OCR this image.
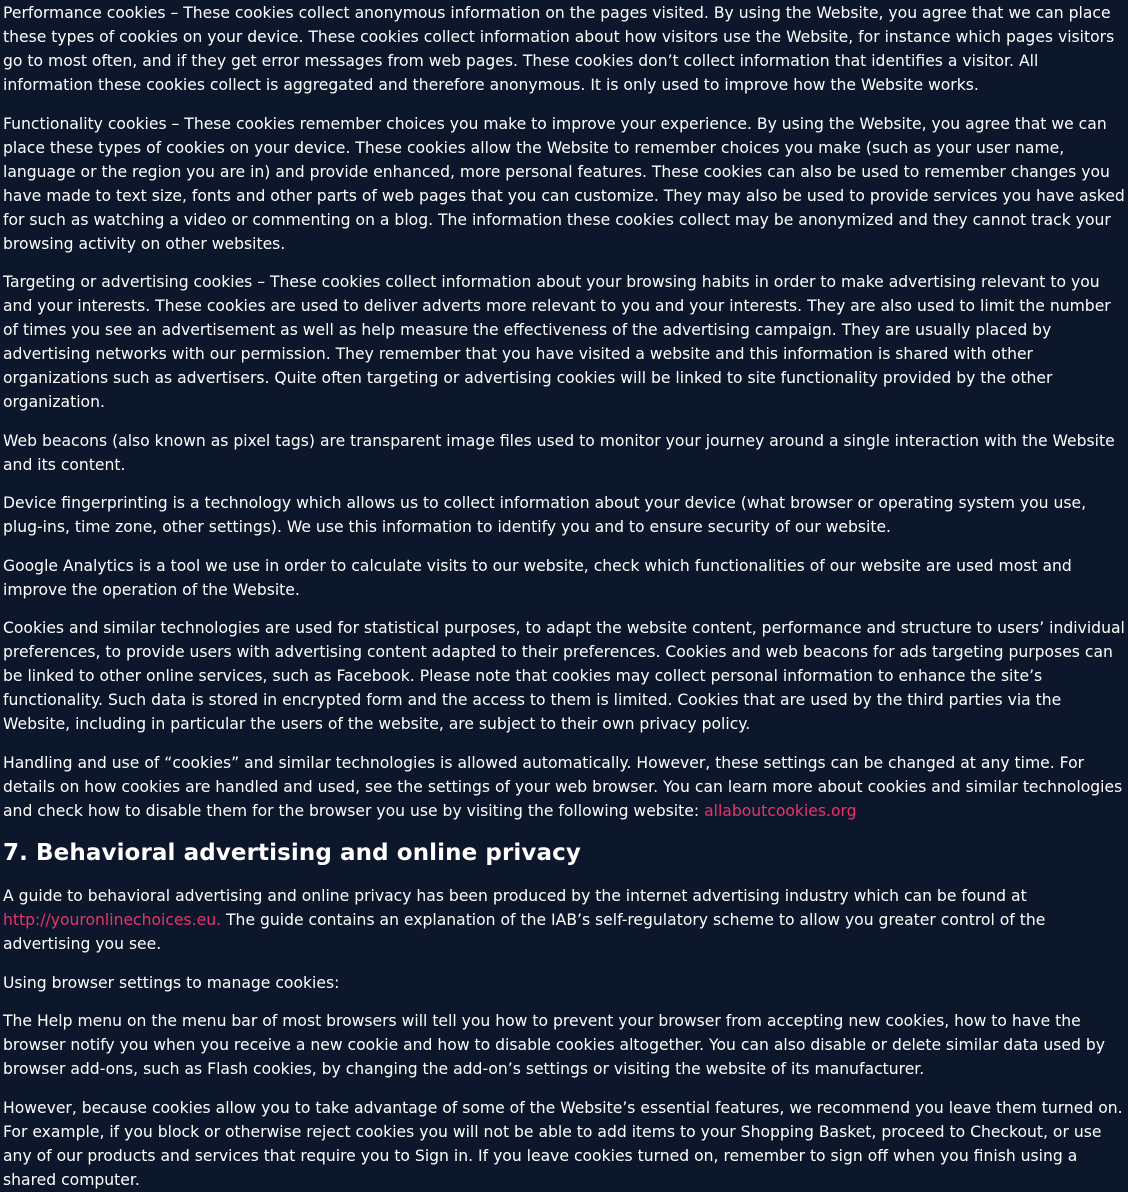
Performance cookies – These cookies collect anonymous information on the pages visited. By using the Website, you agree that we can place these types of cookies on your device. These cookies collect information about how visitors use the Website, for instance which pages visitors go to most often, and if they get error messages from web pages. These cookies don’t collect information that identifies a visitor. All information these cookies collect is aggregated and therefore anonymous. It is only used to improve how the Website works.

Functionality cookies – These cookies remember choices you make to improve your experience. By using the Website, you agree that we can place these types of cookies on your device. These cookies allow the Website to remember choices you make (such as your user name, language or the region you are in) and provide enhanced, more personal features. These cookies can also be used to remember changes you have made to text size, fonts and other parts of web pages that you can customize. They may also be used to provide services you have asked for such as watching a video or commenting on a blog. The information these cookies collect may be anonymized and they cannot track your browsing activity on other websites.

Targeting or advertising cookies – These cookies collect information about your browsing habits in order to make advertising relevant to you and your interests. These cookies are used to deliver adverts more relevant to you and your interests. They are also used to limit the number of times you see an advertisement as well as help measure the effectiveness of the advertising campaign. They are usually placed by advertising networks with our permission. They remember that you have visited a website and this information is shared with other organizations such as advertisers. Quite often targeting or advertising cookies will be linked to site functionality provided by the other organization.

Web beacons (also known as pixel tags) are transparent image files used to monitor your journey around a single interaction with the Website and its content.

Device fingerprinting is a technology which allows us to collect information about your device (what browser or operating system you use, plug-ins, time zone, other settings). We use this information to identify you and to ensure security of our website.

Google Analytics is a tool we use in order to calculate visits to our website, check which functionalities of our website are used most and improve the operation of the Website.

Cookies and similar technologies are used for statistical purposes, to adapt the website content, performance and structure to users’ individual preferences, to provide users with advertising content adapted to their preferences. Cookies and web beacons for ads targeting purposes can be linked to other online services, such as Facebook. Please note that cookies may collect personal information to enhance the site’s functionality. Such data is stored in encrypted form and the access to them is limited. Cookies that are used by the third parties via the Website, including in particular the users of the website, are subject to their own privacy policy.

Handling and use of “cookies” and similar technologies is allowed automatically. However, these settings can be changed at any time. For details on how cookies are handled and used, see the settings of your web browser. You can learn more about cookies and similar technologies and check how to disable them for the browser you use by visiting the following website: allaboutcookies.org

7. Behavioral advertising and online privacy

A guide to behavioral advertising and online privacy has been produced by the internet advertising industry which can be found at http://youronlinechoices.eu. The guide contains an explanation of the IAB’s self-regulatory scheme to allow you greater control of the advertising you see.

Using browser settings to manage cookies:

The Help menu on the menu bar of most browsers will tell you how to prevent your browser from accepting new cookies, how to have the browser notify you when you receive a new cookie and how to disable cookies altogether. You can also disable or delete similar data used by browser add-ons, such as Flash cookies, by changing the add-on’s settings or visiting the website of its manufacturer.

However, because cookies allow you to take advantage of some of the Website’s essential features, we recommend you leave them turned on. For example, if you block or otherwise reject cookies you will not be able to add items to your Shopping Basket, proceed to Checkout, or use any of our products and services that require you to Sign in. If you leave cookies turned on, remember to sign off when you finish using a shared computer.
